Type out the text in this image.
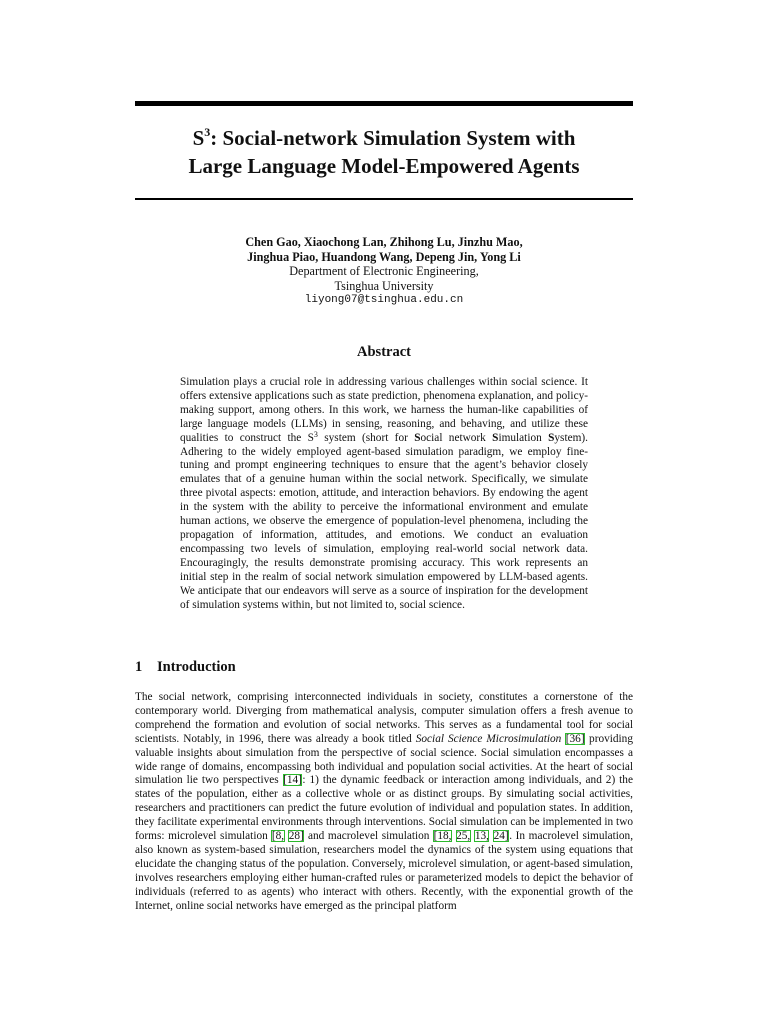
$S^3$: Social-network Simulation System with
Large Language Model-Empowered Agents
Chen Gao, Xiaochong Lan, Zhihong Lu, Jinzhu Mao,
Jinghua Piao, Huandong Wang, Depeng Jin, Yong Li
Department of Electronic Engineering,
Tsinghua University
liyong07@tsinghua.edu.cn
Abstract
Simulation plays a crucial role in addressing various challenges within social science. It offers extensive applications such as state prediction, phenomena explanation, and policy-making support, among others. In this work, we harness the human-like capabilities of large language models (LLMs) in sensing, reasoning, and behaving, and utilize these qualities to construct the $S^3$ system (short for Social network Simulation System). Adhering to the widely employed agent-based simulation paradigm, we employ fine-tuning and prompt engineering techniques to ensure that the agent’s behavior closely emulates that of a genuine human within the social network. Specifically, we simulate three pivotal aspects: emotion, attitude, and interaction behaviors. By endowing the agent in the system with the ability to perceive the informational environment and emulate human actions, we observe the emergence of population-level phenomena, including the propagation of information, attitudes, and emotions. We conduct an evaluation encompassing two levels of simulation, employing real-world social network data. Encouragingly, the results demonstrate promising accuracy. This work represents an initial step in the realm of social network simulation empowered by LLM-based agents. We anticipate that our endeavors will serve as a source of inspiration for the development of simulation systems within, but not limited to, social science.
1 Introduction
The social network, comprising interconnected individuals in society, constitutes a cornerstone of the contemporary world. Diverging from mathematical analysis, computer simulation offers a fresh avenue to comprehend the formation and evolution of social networks. This serves as a fundamental tool for social scientists. Notably, in 1996, there was already a book titled Social Science Microsimulation [36] providing valuable insights about simulation from the perspective of social science. Social simulation encompasses a wide range of domains, encompassing both individual and population social activities. At the heart of social simulation lie two perspectives [14]: 1) the dynamic feedback or interaction among individuals, and 2) the states of the population, either as a collective whole or as distinct groups. By simulating social activities, researchers and practitioners can predict the future evolution of individual and population states. In addition, they facilitate experimental environments through interventions. Social simulation can be implemented in two forms: microlevel simulation [8, 28] and macrolevel simulation [18, 25, 13, 24]. In macrolevel simulation, also known as system-based simulation, researchers model the dynamics of the system using equations that elucidate the changing status of the population. Conversely, microlevel simulation, or agent-based simulation, involves researchers employing either human-crafted rules or parameterized models to depict the behavior of individuals (referred to as agents) who interact with others. Recently, with the exponential growth of the Internet, online social networks have emerged as the principal platform
